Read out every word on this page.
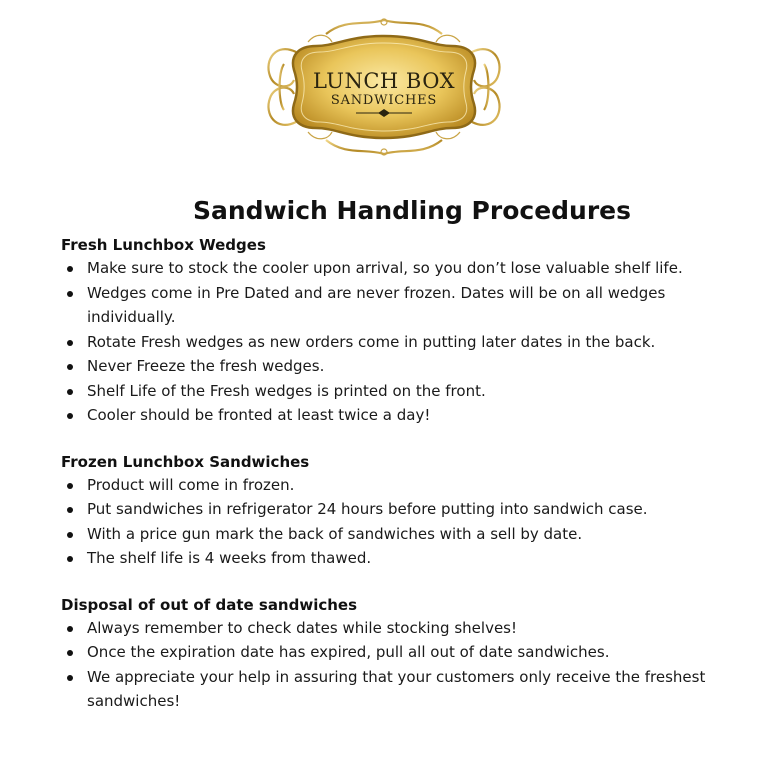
LUNCH BOX
SANDWICHES
Sandwich Handling Procedures
Fresh Lunchbox Wedges
Make sure to stock the cooler upon arrival, so you don’t lose valuable shelf life.
Wedges come in Pre Dated and are never frozen. Dates will be on all wedges individually.
Rotate Fresh wedges as new orders come in putting later dates in the back.
Never Freeze the fresh wedges.
Shelf Life of the Fresh wedges is printed on the front.
Cooler should be fronted at least twice a day!
Frozen Lunchbox Sandwiches
Product will come in frozen.
Put sandwiches in refrigerator 24 hours before putting into sandwich case.
With a price gun mark the back of sandwiches with a sell by date.
The shelf life is 4 weeks from thawed.
Disposal of out of date sandwiches
Always remember to check dates while stocking shelves!
Once the expiration date has expired, pull all out of date sandwiches.
We appreciate your help in assuring that your customers only receive the freshest sandwiches!
